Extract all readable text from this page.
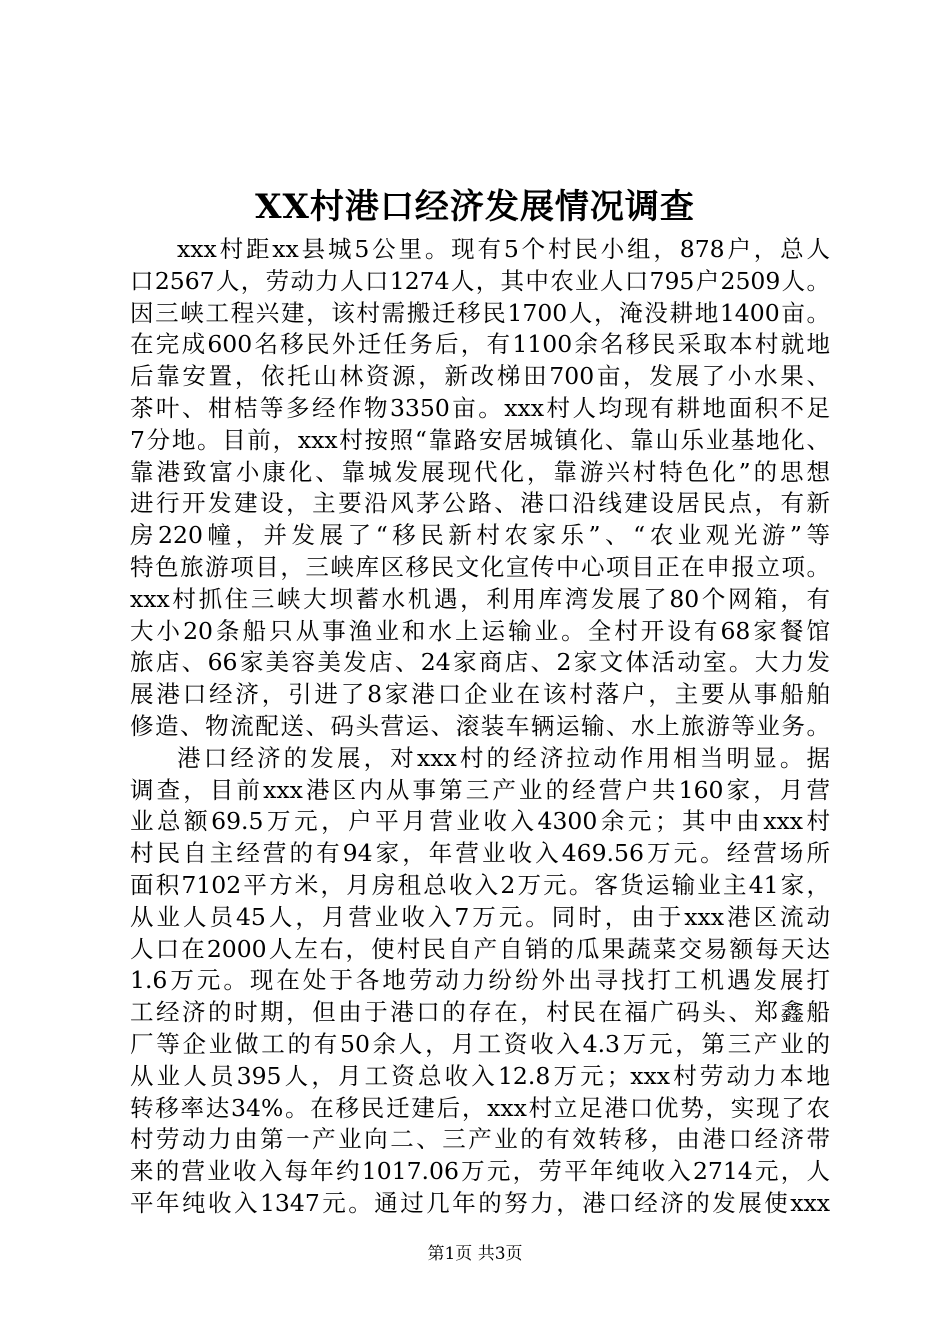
XX村港口经济发展情况调查
xxx村距xx县城5公里。现有5个村民小组，878户，总人
口2567人，劳动力人口1274人，其中农业人口795户2509人。
因三峡工程兴建，该村需搬迁移民1700人，淹没耕地1400亩。
在完成600名移民外迁任务后，有1100余名移民采取本村就地
后靠安置，依托山林资源，新改梯田700亩，发展了小水果、
茶叶、柑桔等多经作物3350亩。xxx村人均现有耕地面积不足
7分地。目前，xxx村按照“靠路安居城镇化、靠山乐业基地化、
靠港致富小康化、靠城发展现代化，靠游兴村特色化”的思想
进行开发建设，主要沿风茅公路、港口沿线建设居民点，有新
房220幢，并发展了“移民新村农家乐”、“农业观光游”等
特色旅游项目，三峡库区移民文化宣传中心项目正在申报立项。
xxx村抓住三峡大坝蓄水机遇，利用库湾发展了80个网箱，有
大小20条船只从事渔业和水上运输业。全村开设有68家餐馆
旅店、66家美容美发店、24家商店、2家文体活动室。大力发
展港口经济，引进了8家港口企业在该村落户，主要从事船舶
修造、物流配送、码头营运、滚装车辆运输、水上旅游等业务。
港口经济的发展，对xxx村的经济拉动作用相当明显。据
调查，目前xxx港区内从事第三产业的经营户共160家，月营
业总额69.5万元，户平月营业收入4300余元；其中由xxx村
村民自主经营的有94家，年营业收入469.56万元。经营场所
面积7102平方米，月房租总收入2万元。客货运输业主41家，
从业人员45人，月营业收入7万元。同时，由于xxx港区流动
人口在2000人左右，使村民自产自销的瓜果蔬菜交易额每天达
1.6万元。现在处于各地劳动力纷纷外出寻找打工机遇发展打
工经济的时期，但由于港口的存在，村民在福广码头、郑鑫船
厂等企业做工的有50余人，月工资收入4.3万元，第三产业的
从业人员395人，月工资总收入12.8万元；xxx村劳动力本地
转移率达34%。在移民迁建后，xxx村立足港口优势，实现了农
村劳动力由第一产业向二、三产业的有效转移，由港口经济带
来的营业收入每年约1017.06万元，劳平年纯收入2714元，人
平年纯收入1347元。通过几年的努力，港口经济的发展使xxx
第1页 共3页
